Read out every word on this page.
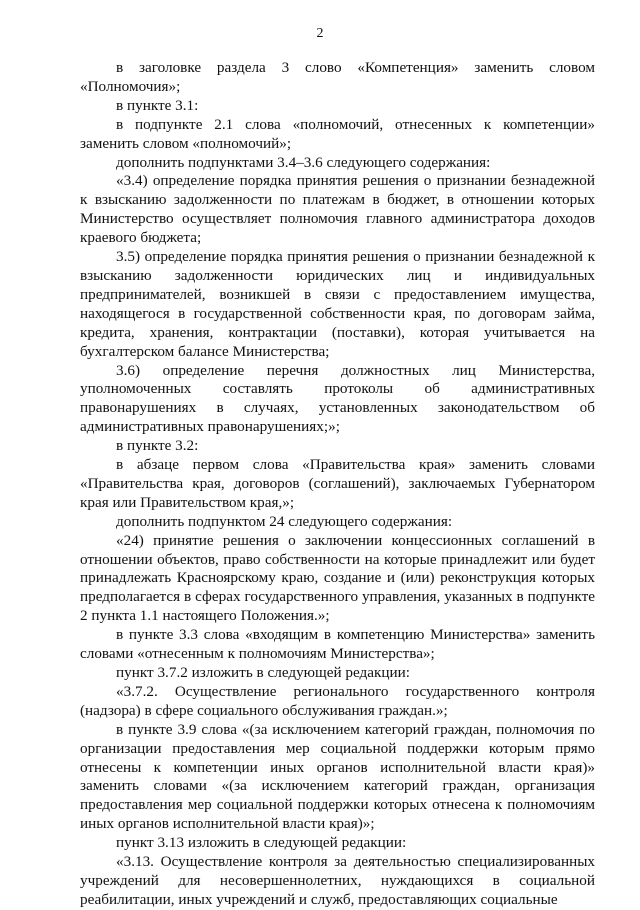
2

в заголовке раздела 3 слово «Компетенция» заменить словом «Полномочия»;

в пункте 3.1:

в подпункте 2.1 слова «полномочий, отнесенных к компетенции» заменить словом «полномочий»;

дополнить подпунктами 3.4–3.6 следующего содержания:

«3.4) определение порядка принятия решения о признании безнадежной к взысканию задолженности по платежам в бюджет, в отношении которых Министерство осуществляет полномочия главного администратора доходов краевого бюджета;

3.5) определение порядка принятия решения о признании безнадежной к взысканию задолженности юридических лиц и индивидуальных предпринимателей, возникшей в связи с предоставлением имущества, находящегося в государственной собственности края, по договорам займа, кредита, хранения, контрактации (поставки), которая учитывается на бухгалтерском балансе Министерства;

3.6) определение перечня должностных лиц Министерства, уполномоченных составлять протоколы об административных правонарушениях в случаях, установленных законодательством об административных правонарушениях;»;

в пункте 3.2:

в абзаце первом слова «Правительства края» заменить словами «Правительства края, договоров (соглашений), заключаемых Губернатором края или Правительством края,»;

дополнить подпунктом 24 следующего содержания:

«24) принятие решения о заключении концессионных соглашений в отношении объектов, право собственности на которые принадлежит или будет принадлежать Красноярскому краю, создание и (или) реконструкция которых предполагается в сферах государственного управления, указанных в подпункте 2 пункта 1.1 настоящего Положения.»;

в пункте 3.3 слова «входящим в компетенцию Министерства» заменить словами «отнесенным к полномочиям Министерства»;

пункт 3.7.2 изложить в следующей редакции:

«3.7.2. Осуществление регионального государственного контроля (надзора) в сфере социального обслуживания граждан.»;

в пункте 3.9 слова «(за исключением категорий граждан, полномочия по организации предоставления мер социальной поддержки которым прямо отнесены к компетенции иных органов исполнительной власти края)» заменить словами «(за исключением категорий граждан, организация предоставления мер социальной поддержки которых отнесена к полномочиям иных органов исполнительной власти края)»;

пункт 3.13 изложить в следующей редакции:

«3.13. Осуществление контроля за деятельностью специализированных учреждений для несовершеннолетних, нуждающихся в социальной реабилитации, иных учреждений и служб, предоставляющих социальные
